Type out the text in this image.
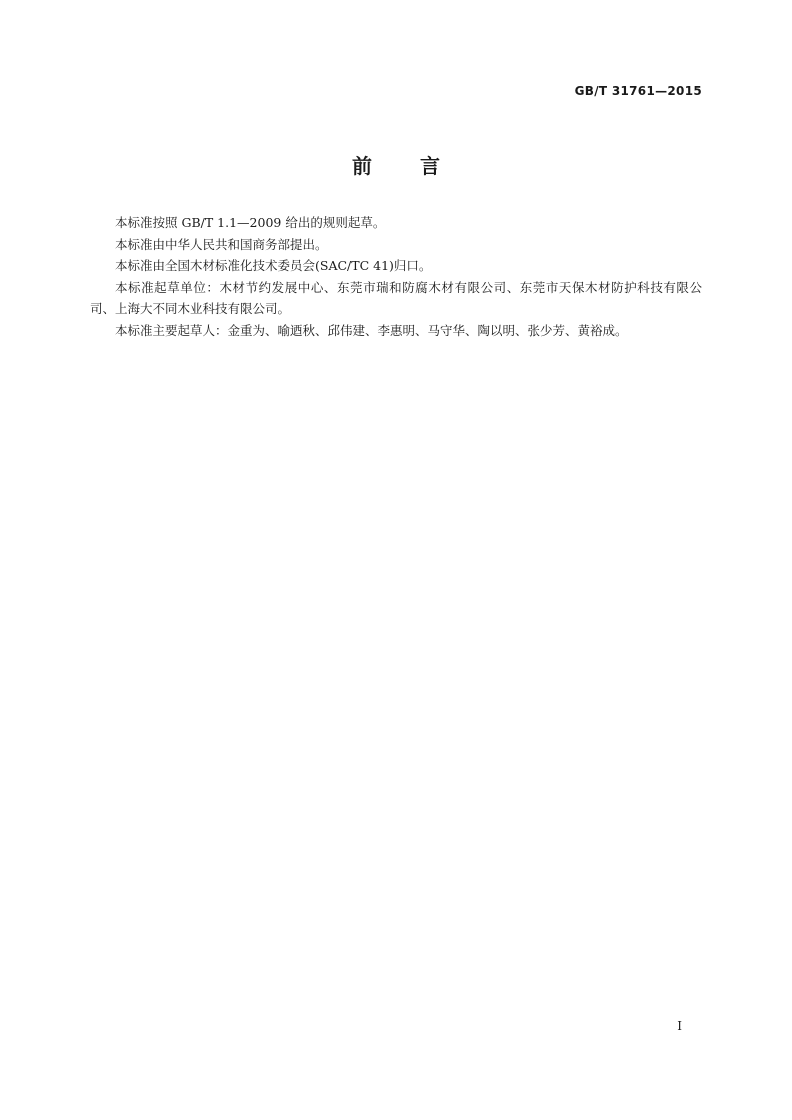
GB/T 31761—2015
前 言

本标准按照 GB/T 1.1—2009 给出的规则起草。

本标准由中华人民共和国商务部提出。

本标准由全国木材标准化技术委员会(SAC/TC 41)归口。

本标准起草单位：木材节约发展中心、东莞市瑞和防腐木材有限公司、东莞市天保木材防护科技有限公司、上海大不同木业科技有限公司。

本标准主要起草人：金重为、喻迺秋、邱伟建、李惠明、马守华、陶以明、张少芳、黄裕成。

I
